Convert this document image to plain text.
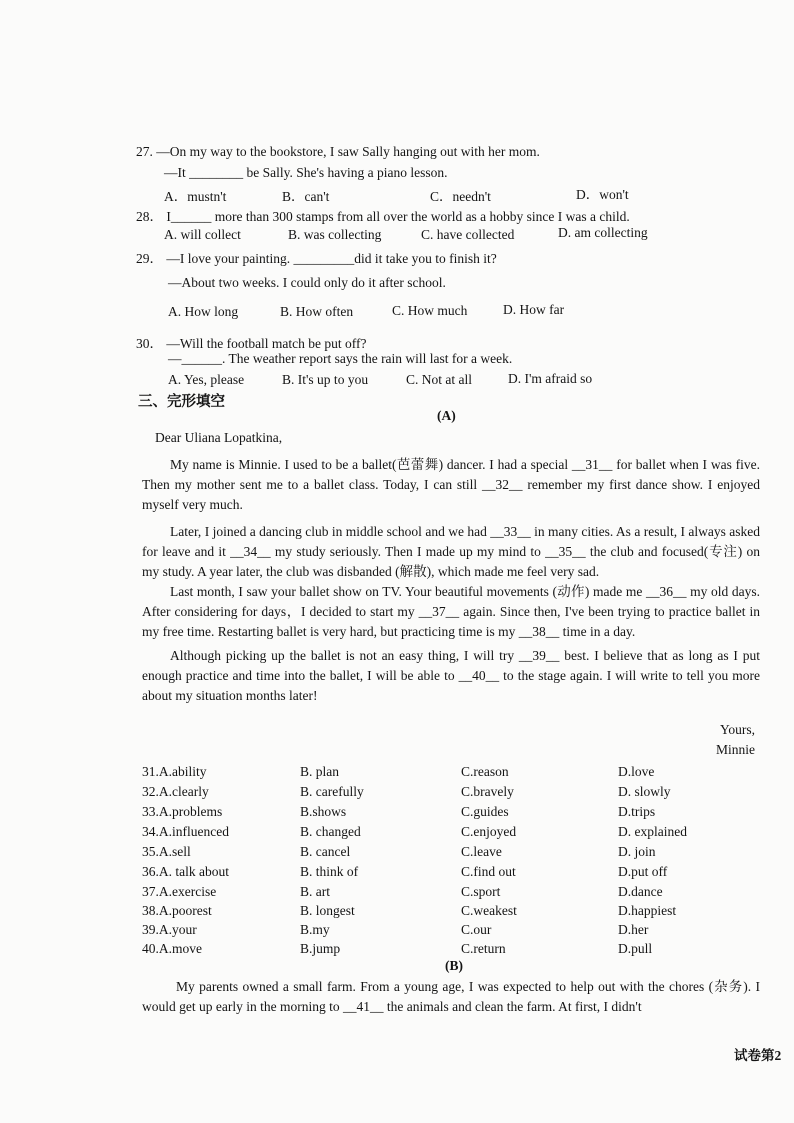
27. —On my way to the bookstore, I saw Sally hanging out with her mom.
—It ________ be Sally. She's having a piano lesson.
A．mustn't	B．can't	C．needn't	D．won't
28． I______ more than 300 stamps from all over the world as a hobby since I was a child.
A. will collect	B. was collecting	C. have collected	D. am collecting
29． —I love your painting. _________did it take you to finish it?
—About two weeks. I could only do it after school.
A. How long	B. How often	C. How much	D. How far
30． —Will the football match be put off?
—______. The weather report says the rain will last for a week.
A. Yes, please	B. It's up to you	C. Not at all	D. I'm afraid so
三、完形填空
(A)
Dear Uliana Lopatkina,

My name is Minnie. I used to be a ballet(芭蕾舞) dancer. I had a special __31__ for ballet when I was five. Then my mother sent me to a ballet class. Today, I can still __32__ remember my first dance show. I enjoyed myself very much.

Later, I joined a dancing club in middle school and we had __33__ in many cities. As a result, I always asked for leave and it __34__ my study seriously. Then I made up my mind to __35__ the club and focused(专注) on my study. A year later, the club was disbanded (解散), which made me feel very sad.

Last month, I saw your ballet show on TV. Your beautiful movements (动作) made me __36__ my old days. After considering for days，I decided to start my __37__ again. Since then, I've been trying to practice ballet in my free time. Restarting ballet is very hard, but practicing time is my __38__ time in a day.

Although picking up the ballet is not an easy thing, I will try __39__ best. I believe that as long as I put enough practice and time into the ballet, I will be able to __40__ to the stage again. I will write to tell you more about my situation months later!

Yours,
Minnie
31.A.ability	B. plan	C.reason	D.love
32.A.clearly	B. carefully	C.bravely	D. slowly
33.A.problems	B.shows	C.guides	D.trips
34.A.influenced	B. changed	C.enjoyed	D. explained
35.A.sell	B. cancel	C.leave	D. join
36.A. talk about	B. think of	C.find out	D.put off
37.A.exercise	B. art	C.sport	D.dance
38.A.poorest	B. longest	C.weakest	D.happiest
39.A.your	B.my	C.our	D.her
40.A.move	B.jump	C.return	D.pull
(B)

My parents owned a small farm. From a young age, I was expected to help out with the chores (杂务). I would get up early in the morning to __41__ the animals and clean the farm. At first, I didn't

试卷第2
